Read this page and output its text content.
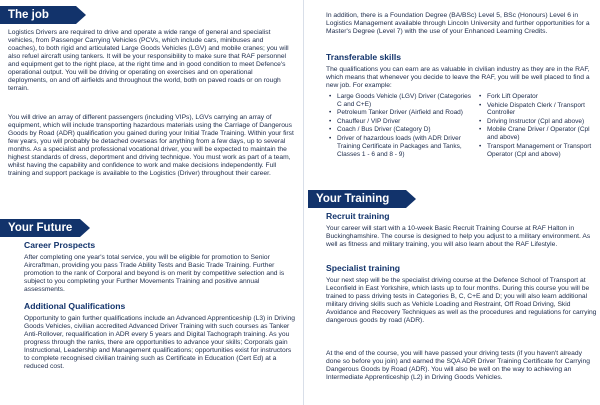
The job

Logistics Drivers are required to drive and operate a wide range of general and specialist vehicles, from Passenger Carrying Vehicles (PCVs, which include cars, minibuses and coaches), to both rigid and articulated Large Goods Vehicles (LGV) and mobile cranes; you will also refuel aircraft using tankers. It will be your responsibility to make sure that RAF personnel and equipment get to the right place, at the right time and in good condition to meet Defence's operational output. You will be driving or operating on exercises and on operational deployments, on and off airfields and throughout the world, both on paved roads or on rough terrain.

You will drive an array of different passengers (including VIPs), LGVs carrying an array of equipment, which will include transporting hazardous materials using the Carriage of Dangerous Goods by Road (ADR) qualification you gained during your Initial Trade Training. Within your first few years, you will probably be detached overseas for anything from a few days, up to several months. As a specialist and professional vocational driver, you will be expected to maintain the highest standards of dress, deportment and driving technique. You must work as part of a team, whilst having the capability and confidence to work and make decisions independently. Full training and support package is available to the Logistics (Driver) throughout their career.

Your Future
Career Prospects

After completing one year's total service, you will be eligible for promotion to Senior Aircraftman, providing you pass Trade Ability Tests and Basic Trade Training. Further promotion to the rank of Corporal and beyond is on merit by competitive selection and is subject to you completing your Further Movements Training and positive annual assessments.

Additional Qualifications

Opportunity to gain further qualifications include an Advanced Apprenticeship (L3) in Driving Goods Vehicles, civilian accredited Advanced Driver Training with such courses as Tanker Anti-Rollover, requalification in ADR every 5 years and Digital Tachograph training. As you progress through the ranks, there are opportunities to advance your skills; Corporals gain Instructional, Leadership and Management qualifications; opportunities exist for instructors to complete recognised civilian training such as Certificate in Education (Cert Ed) at a reduced cost.

In addition, there is a Foundation Degree (BA/BSc) Level 5, BSc (Honours) Level 6 in Logistics Management available through Lincoln University and further opportunities for a Master's Degree (Level 7) with the use of your Enhanced Learning Credits.

Transferable skills

The qualifications you can earn are as valuable in civilian industry as they are in the RAF, which means that whenever you decide to leave the RAF, you will be well placed to find a new job. For example:

• Large Goods Vehicle (LGV) Driver (Categories C and C+E)
• Petroleum Tanker Driver (Airfield and Road)
• Chauffeur / VIP Driver
• Coach / Bus Driver (Category D)
• Driver of hazardous loads (with ADR Driver Training Certificate in Packages and Tanks, Classes 1 - 6 and 8 - 9)
• Fork Lift Operator
• Vehicle Dispatch Clerk / Transport Controller
• Driving Instructor (Cpl and above)
• Mobile Crane Driver / Operator (Cpl and above)
• Transport Management or Transport Operator (Cpl and above)
Your Training
Recruit training

Your career will start with a 10-week Basic Recruit Training Course at RAF Halton in Buckinghamshire. The course is designed to help you adjust to a military environment. As well as fitness and military training, you will also learn about the RAF Lifestyle.

Specialist training

Your next step will be the specialist driving course at the Defence School of Transport at Leconfield in East Yorkshire, which lasts up to four months. During this course you will be trained to pass driving tests in Categories B, C, C+E and D; you will also learn additional military driving skills such as Vehicle Loading and Restraint, Off Road Driving, Skid Avoidance and Recovery Techniques as well as the procedures and regulations for carrying dangerous goods by road (ADR).

At the end of the course, you will have passed your driving tests (if you haven't already done so before you join) and earned the SQA ADR Driver Training Certificate for Carrying Dangerous Goods by Road (ADR). You will also be well on the way to achieving an Intermediate Apprenticeship (L2) in Driving Goods Vehicles.
